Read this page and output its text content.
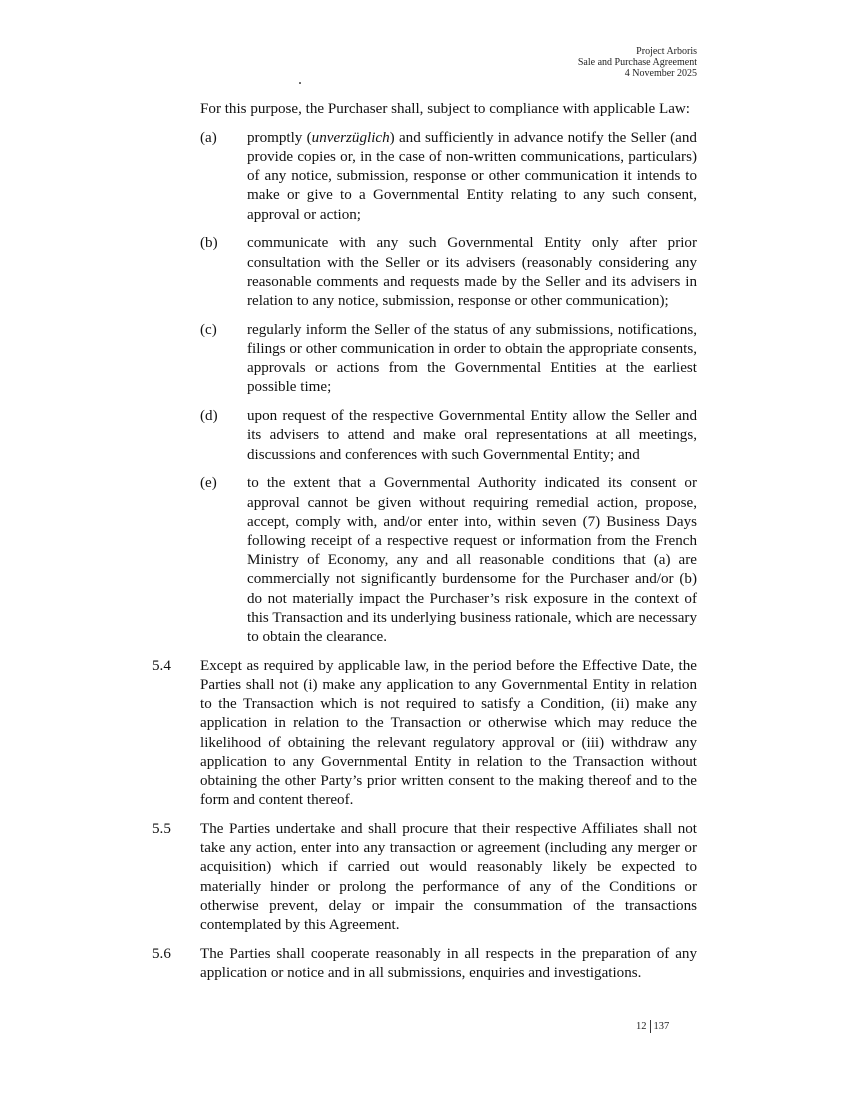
Project Arboris
Sale and Purchase Agreement
4 November 2025

For this purpose, the Purchaser shall, subject to compliance with applicable Law:

(a)	promptly (unverzüglich) and sufficiently in advance notify the Seller (and provide copies or, in the case of non-written communications, particulars) of any notice, submission, response or other communication it intends to make or give to a Governmental Entity relating to any such consent, approval or action;
(b)	communicate with any such Governmental Entity only after prior consultation with the Seller or its advisers (reasonably considering any reasonable comments and requests made by the Seller and its advisers in relation to any notice, submission, response or other communication);
(c)	regularly inform the Seller of the status of any submissions, notifications, filings or other communication in order to obtain the appropriate consents, approvals or actions from the Governmental Entities at the earliest possible time;
(d)	upon request of the respective Governmental Entity allow the Seller and its advisers to attend and make oral representations at all meetings, discussions and conferences with such Governmental Entity; and
(e)	to the extent that a Governmental Authority indicated its consent or approval cannot be given without requiring remedial action, propose, accept, comply with, and/or enter into, within seven (7) Business Days following receipt of a respective request or information from the French Ministry of Economy, any and all reasonable conditions that (a) are commercially not significantly burdensome for the Purchaser and/or (b) do not materially impact the Purchaser’s risk exposure in the context of this Transaction and its underlying business rationale, which are necessary to obtain the clearance.
5.4	Except as required by applicable law, in the period before the Effective Date, the Parties shall not (i) make any application to any Governmental Entity in relation to the Transaction which is not required to satisfy a Condition, (ii) make any application in relation to the Transaction or otherwise which may reduce the likelihood of obtaining the relevant regulatory approval or (iii) withdraw any application to any Governmental Entity in relation to the Transaction without obtaining the other Party’s prior written consent to the making thereof and to the form and content thereof.
5.5	The Parties undertake and shall procure that their respective Affiliates shall not take any action, enter into any transaction or agreement (including any merger or acquisition) which if carried out would reasonably likely be expected to materially hinder or prolong the performance of any of the Conditions or otherwise prevent, delay or impair the consummation of the transactions contemplated by this Agreement.
5.6	The Parties shall cooperate reasonably in all respects in the preparation of any application or notice and in all submissions, enquiries and investigations.
12 137
